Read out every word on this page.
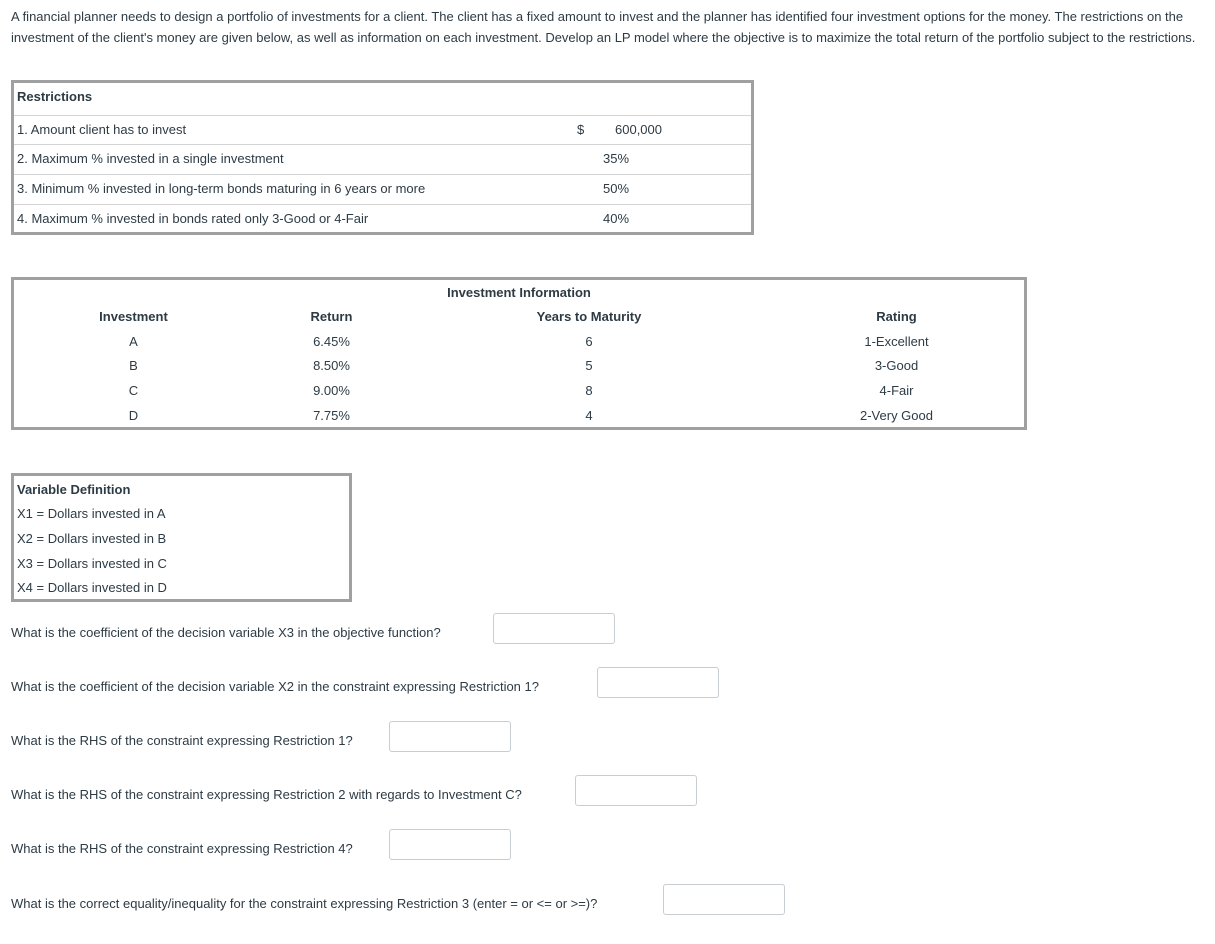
A financial planner needs to design a portfolio of investments for a client. The client has a fixed amount to invest and the planner has identified four investment options for the money. The restrictions on the investment of the client's money are given below, as well as information on each investment. Develop an LP model where the objective is to maximize the total return of the portfolio subject to the restrictions.

Restrictions
1. Amount client has to invest	$	600,000
2. Maximum % invested in a single investment	35%
3. Minimum % invested in long-term bonds maturing in 6 years or more	50%
4. Maximum % invested in bonds rated only 3-Good or 4-Fair	40%
Investment Information
Investment	Return	Years to Maturity	Rating
A	6.45%	6	1-Excellent
B	8.50%	5	3-Good
C	9.00%	8	4-Fair
D	7.75%	4	2-Very Good
Variable Definition
X1 = Dollars invested in A
X2 = Dollars invested in B
X3 = Dollars invested in C
X4 = Dollars invested in D
What is the coefficient of the decision variable X3 in the objective function?
What is the coefficient of the decision variable X2 in the constraint expressing Restriction 1?
What is the RHS of the constraint expressing Restriction 1?
What is the RHS of the constraint expressing Restriction 2 with regards to Investment C?
What is the RHS of the constraint expressing Restriction 4?
What is the correct equality/inequality for the constraint expressing Restriction 3 (enter = or <= or >=)?
